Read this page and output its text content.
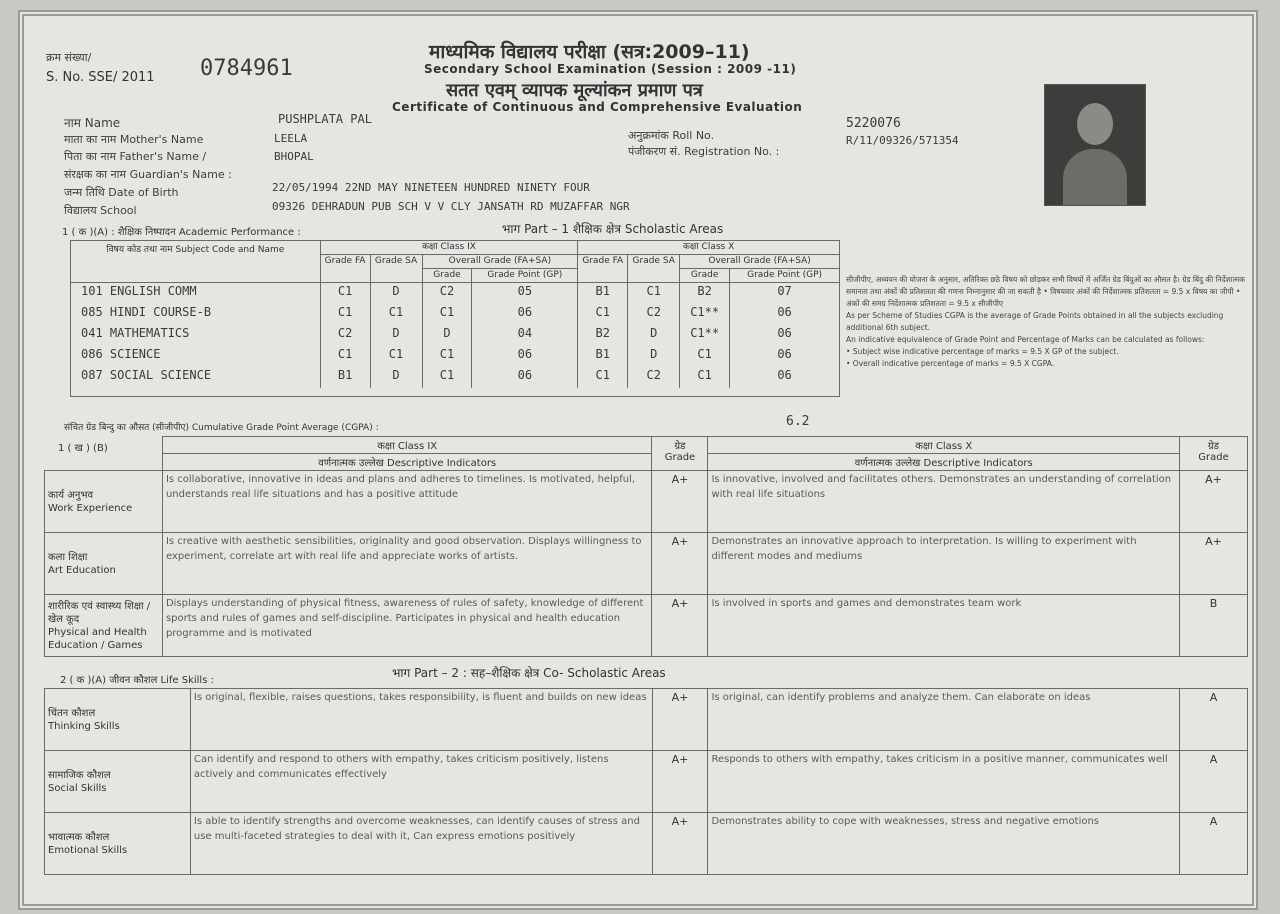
क्रम संख्या/
S. No. SSE/ 2011 0784961
माध्यमिक विद्यालय परीक्षा (सत्र:2009–11)
Secondary School Examination (Session : 2009 -11)
सतत एवम् व्यापक मूल्यांकन प्रमाण पत्र
Certificate of Continuous and Comprehensive Evaluation
नाम Name	PUSHPLATA PAL
माता का नाम Mother's Name	LEELA
पिता का नाम Father's Name /	BHOPAL
संरक्षक का नाम Guardian's Name :
जन्म तिथि Date of Birth	22/05/1994 22ND MAY NINETEEN HUNDRED NINETY FOUR
विद्यालय School	09326 DEHRADUN PUB SCH V V CLY JANSATH RD MUZAFFAR NGR
अनुक्रमांक Roll No.
5220076
पंजीकरण सं. Registration No. :
R/11/09326/571354
1 ( क )(A) : शैक्षिक निष्पादन Academic Performance :	भाग Part – 1 शैक्षिक क्षेत्र Scholastic Areas
विषय कोड तथा नाम Subject Code and Name	कक्षा Class IX				कक्षा Class X			
	Grade FA	Grade SA	Overall Grade (FA+SA)		Grade FA	Grade SA	Overall Grade (FA+SA)	
			Grade	Grade Point (GP)			Grade	Grade Point (GP)
101 ENGLISH COMM	C1	D	C2	05	B1	C1	B2	07
085 HINDI COURSE-B	C1	C1	C1	06	C1	C2	C1**	06
041 MATHEMATICS	C2	D	D	04	B2	D	C1**	06
086 SCIENCE	C1	C1	C1	06	B1	D	C1	06
087 SOCIAL SCIENCE	B1	D	C1	06	C1	C2	C1	06

संचित ग्रेड बिन्दु का औसत (सीजीपीए) Cumulative Grade Point Average (CGPA) :	6.2
सीजीपीए, अध्ययन की योजना के अनुसार, अतिरिक्त छठे विषय को छोड़कर सभी विषयों में अर्जित ग्रेड बिंदुओं का औसत है। ग्रेड बिंदु की निर्देशात्मक समानता तथा अंकों की प्रतिशतता की गणना निम्नानुसार की जा सकती है • विषयवार अंकों की निर्देशात्मक प्रतिशतता = 9.5 x विषय का जीपी • अंकों की समग्र निर्देशात्मक प्रतिशतता = 9.5 x सीजीपीए
As per Scheme of Studies CGPA is the average of Grade Points obtained in all the subjects excluding additional 6th subject.
An indicative equivalence of Grade Point and Percentage of Marks can be calculated as follows:
• Subject wise indicative percentage of marks = 9.5 X GP of the subject.
• Overall indicative percentage of marks = 9.5 X CGPA.
1 ( ख ) (B)
		कक्षा Class IX	ग्रेड
Grade	कक्षा Class X	ग्रेड
Grade
	वर्णनात्मक उल्लेख Descriptive Indicators		वर्णनात्मक उल्लेख Descriptive Indicators	

कार्य अनुभव
Work Experience	Is collaborative, innovative in ideas and plans and adheres to timelines. Is motivated, helpful, understands real life situations and has a positive attitude	A+	Is innovative, involved and facilitates others. Demonstrates an understanding of correlation with real life situations	A+

कला शिक्षा
Art Education	Is creative with aesthetic sensibilities, originality and good observation. Displays willingness to experiment, correlate art with real life and appreciate works of artists.	A+	Demonstrates an innovative approach to interpretation. Is willing to experiment with different modes and mediums	A+

शारीरिक एवं स्वास्थ्य शिक्षा / खेल कूद
Physical and Health Education / Games	Displays understanding of physical fitness, awareness of rules of safety, knowledge of different sports and rules of games and self-discipline. Participates in physical and health education programme and is motivated	A+	Is involved in sports and games and demonstrates team work	B
2 ( क )(A) जीवन कौशल Life Skills :
भाग Part – 2 : सह–शैक्षिक क्षेत्र Co- Scholastic Areas
चिंतन कौशल
Thinking Skills	Is original, flexible, raises questions, takes responsibility, is fluent and builds on new ideas	A+	Is original, can identify problems and analyze them. Can elaborate on ideas	A

सामाजिक कौशल
Social Skills	Can identify and respond to others with empathy, takes criticism positively, listens actively and communicates effectively	A+	Responds to others with empathy, takes criticism in a positive manner, communicates well	A

भावात्मक कौशल
Emotional Skills	Is able to identify strengths and overcome weaknesses, can identify causes of stress and use multi-faceted strategies to deal with it, Can express emotions positively	A+	Demonstrates ability to cope with weaknesses, stress and negative emotions	A
